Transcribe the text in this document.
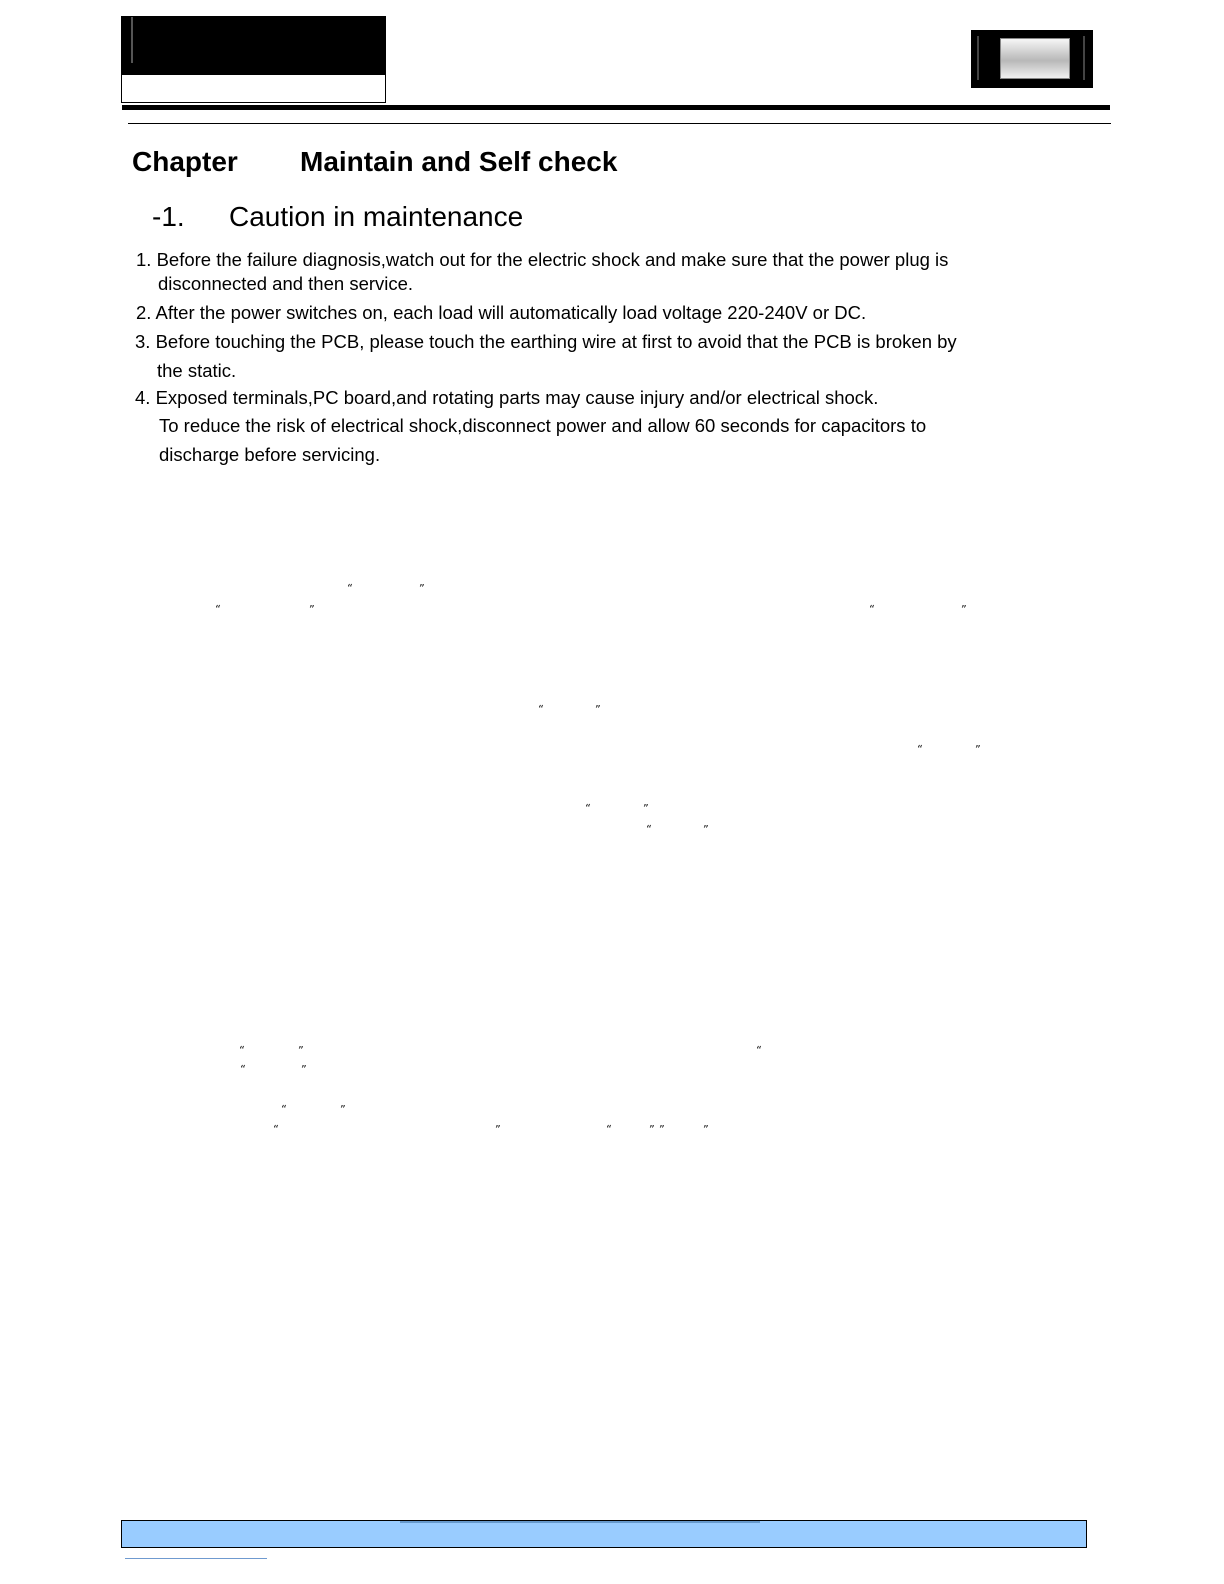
Chapter Maintain and Self check
-1. Caution in maintenance
1. Before the failure diagnosis,watch out for the electric shock and make sure that the power plug is
disconnected and then service.
2. After the power switches on, each load will automatically load voltage 220-240V or DC.
3. Before touching the PCB, please touch the earthing wire at first to avoid that the PCB is broken by
the static.
4. Exposed terminals,PC board,and rotating parts may cause injury and/or electrical shock.
To reduce the risk of electrical shock,disconnect power and allow 60 seconds for capacitors to
discharge before servicing.
“	”
“	”	“	”
“	”
“	”
“	”
“	”
“	”	“
“	”
“	”
“	”	“	” ”	”
